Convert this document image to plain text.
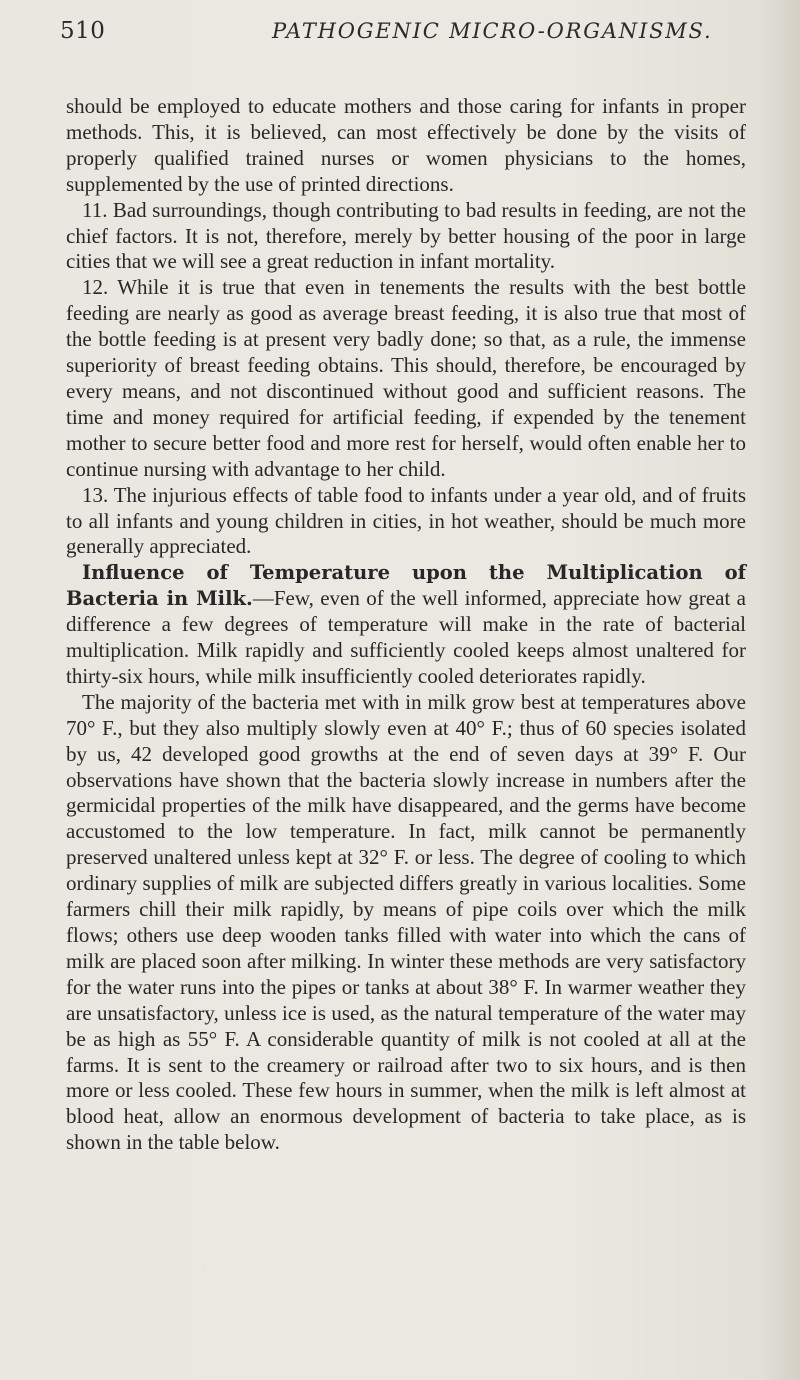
510	PATHOGENIC MICRO-ORGANISMS.

should be employed to educate mothers and those caring for infants in proper methods. This, it is believed, can most effectively be done by the visits of properly qualified trained nurses or women physicians to the homes, supplemented by the use of printed directions.

11. Bad surroundings, though contributing to bad results in feeding, are not the chief factors. It is not, therefore, merely by better housing of the poor in large cities that we will see a great reduction in infant mortality.

12. While it is true that even in tenements the results with the best bottle feeding are nearly as good as average breast feeding, it is also true that most of the bottle feeding is at present very badly done; so that, as a rule, the immense superiority of breast feeding obtains. This should, therefore, be encouraged by every means, and not discontinued without good and sufficient reasons. The time and money required for artificial feeding, if expended by the tenement mother to secure better food and more rest for herself, would often enable her to continue nursing with advantage to her child.

13. The injurious effects of table food to infants under a year old, and of fruits to all infants and young children in cities, in hot weather, should be much more generally appreciated.

Influence of Temperature upon the Multiplication of Bacteria in Milk.—Few, even of the well informed, appreciate how great a difference a few degrees of temperature will make in the rate of bacterial multiplication. Milk rapidly and sufficiently cooled keeps almost unaltered for thirty-six hours, while milk insufficiently cooled deteriorates rapidly.

The majority of the bacteria met with in milk grow best at temperatures above 70° F., but they also multiply slowly even at 40° F.; thus of 60 species isolated by us, 42 developed good growths at the end of seven days at 39° F. Our observations have shown that the bacteria slowly increase in numbers after the germicidal properties of the milk have disappeared, and the germs have become accustomed to the low temperature. In fact, milk cannot be permanently preserved unaltered unless kept at 32° F. or less. The degree of cooling to which ordinary supplies of milk are subjected differs greatly in various localities. Some farmers chill their milk rapidly, by means of pipe coils over which the milk flows; others use deep wooden tanks filled with water into which the cans of milk are placed soon after milking. In winter these methods are very satisfactory for the water runs into the pipes or tanks at about 38° F. In warmer weather they are unsatisfactory, unless ice is used, as the natural temperature of the water may be as high as 55° F. A considerable quantity of milk is not cooled at all at the farms. It is sent to the creamery or railroad after two to six hours, and is then more or less cooled. These few hours in summer, when the milk is left almost at blood heat, allow an enormous development of bacteria to take place, as is shown in the table below.
